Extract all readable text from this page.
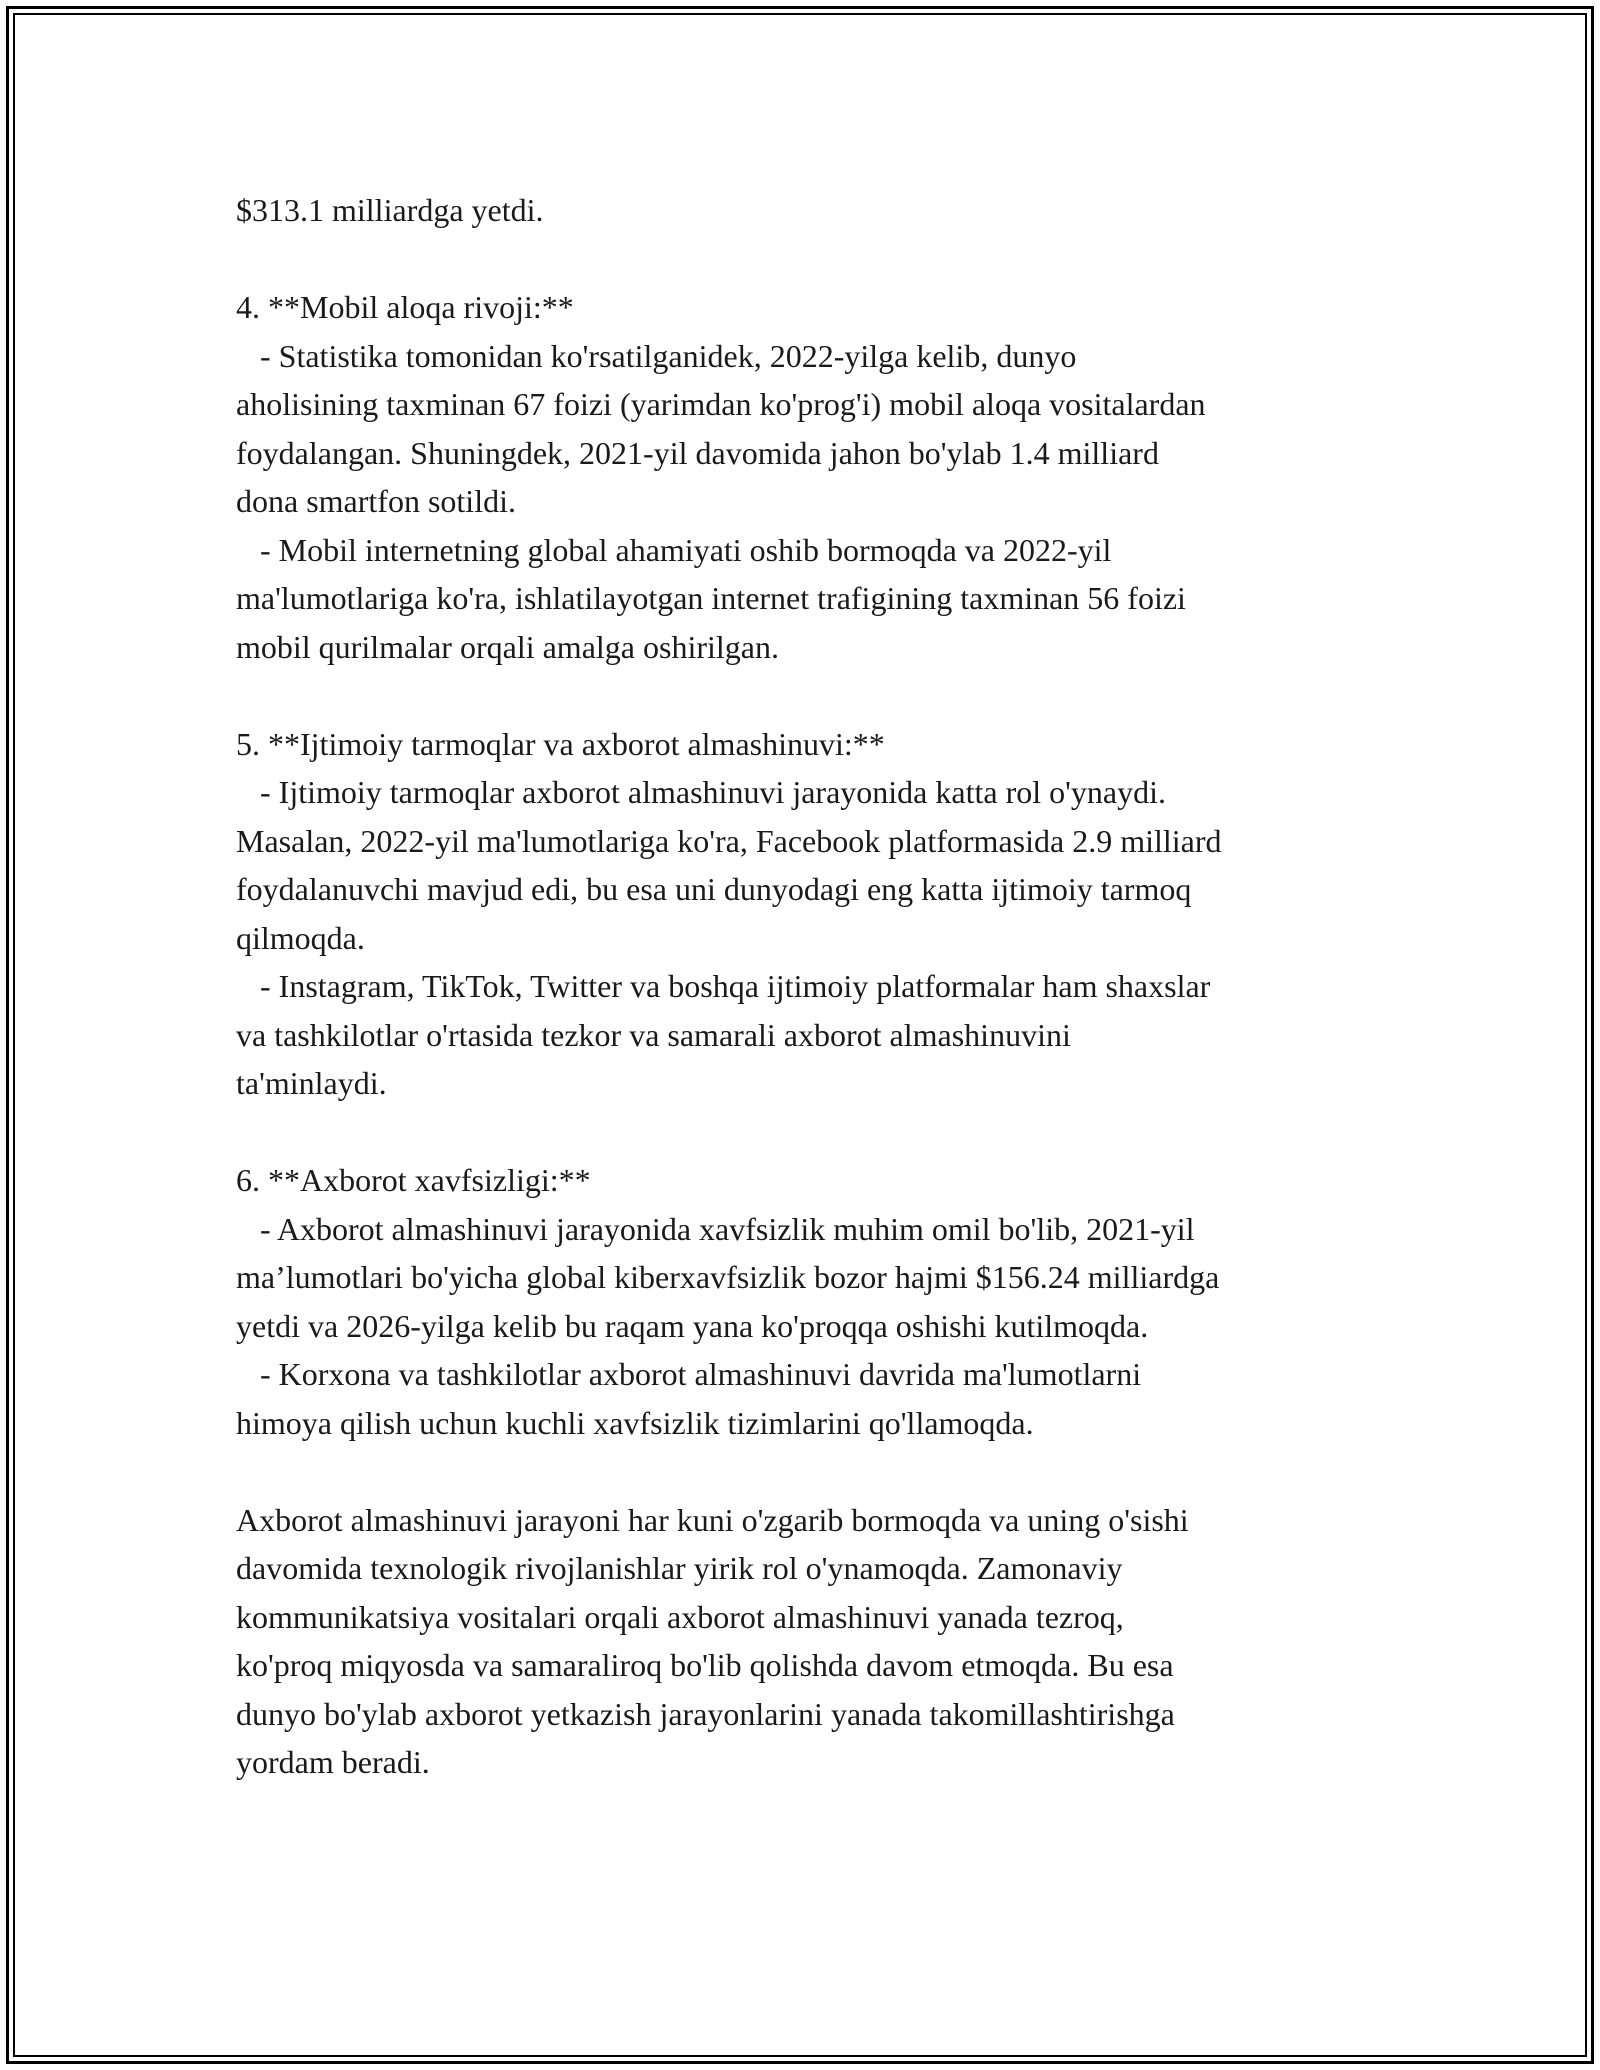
$313.1 milliardga yetdi.
4. **Mobil aloqa rivoji:**
- Statistika tomonidan ko'rsatilganidek, 2022-yilga kelib, dunyo
aholisining taxminan 67 foizi (yarimdan ko'prog'i) mobil aloqa vositalardan
foydalangan. Shuningdek, 2021-yil davomida jahon bo'ylab 1.4 milliard
dona smartfon sotildi.
- Mobil internetning global ahamiyati oshib bormoqda va 2022-yil
ma'lumotlariga ko'ra, ishlatilayotgan internet trafigining taxminan 56 foizi
mobil qurilmalar orqali amalga oshirilgan.
5. **Ijtimoiy tarmoqlar va axborot almashinuvi:**
- Ijtimoiy tarmoqlar axborot almashinuvi jarayonida katta rol o'ynaydi.
Masalan, 2022-yil ma'lumotlariga ko'ra, Facebook platformasida 2.9 milliard
foydalanuvchi mavjud edi, bu esa uni dunyodagi eng katta ijtimoiy tarmoq
qilmoqda.
- Instagram, TikTok, Twitter va boshqa ijtimoiy platformalar ham shaxslar
va tashkilotlar o'rtasida tezkor va samarali axborot almashinuvini
ta'minlaydi.
6. **Axborot xavfsizligi:**
- Axborot almashinuvi jarayonida xavfsizlik muhim omil bo'lib, 2021-yil
ma’lumotlari bo'yicha global kiberxavfsizlik bozor hajmi $156.24 milliardga
yetdi va 2026-yilga kelib bu raqam yana ko'proqqa oshishi kutilmoqda.
- Korxona va tashkilotlar axborot almashinuvi davrida ma'lumotlarni
himoya qilish uchun kuchli xavfsizlik tizimlarini qo'llamoqda.
Axborot almashinuvi jarayoni har kuni o'zgarib bormoqda va uning o'sishi
davomida texnologik rivojlanishlar yirik rol o'ynamoqda. Zamonaviy
kommunikatsiya vositalari orqali axborot almashinuvi yanada tezroq,
ko'proq miqyosda va samaraliroq bo'lib qolishda davom etmoqda. Bu esa
dunyo bo'ylab axborot yetkazish jarayonlarini yanada takomillashtirishga
yordam beradi.
